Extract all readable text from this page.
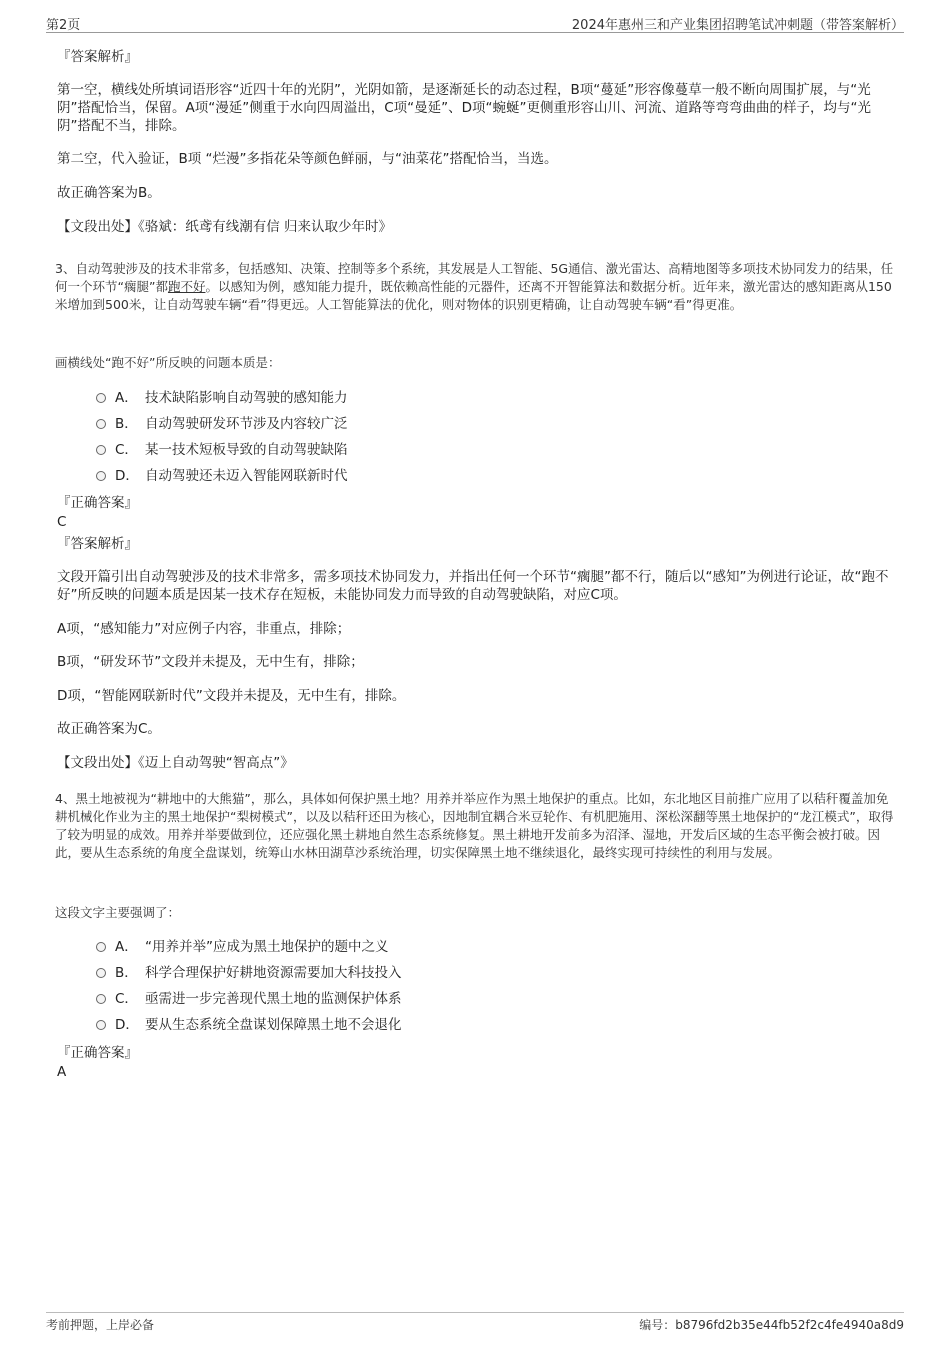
第2页	2024年惠州三和产业集团招聘笔试冲刺题（带答案解析）
『答案解析』

第一空，横线处所填词语形容“近四十年的光阴”，光阴如箭，是逐渐延长的动态过程，B项“蔓延”形容像蔓草一般不断向周围扩展，与“光阴”搭配恰当，保留。A项“漫延”侧重于水向四周溢出，C项“曼延”、D项“蜿蜒”更侧重形容山川、河流、道路等弯弯曲曲的样子，均与“光阴”搭配不当，排除。

第二空，代入验证，B项 “烂漫”多指花朵等颜色鲜丽，与“油菜花”搭配恰当，当选。

故正确答案为B。
【文段出处】《骆斌：纸鸢有线潮有信 归来认取少年时》

3、自动驾驶涉及的技术非常多，包括感知、决策、控制等多个系统，其发展是人工智能、5G通信、激光雷达、高精地图等多项技术协同发力的结果，任何一个环节“瘸腿”都跑不好。以感知为例，感知能力提升，既依赖高性能的元器件，还离不开智能算法和数据分析。近年来，激光雷达的感知距离从150米增加到500米，让自动驾驶车辆“看”得更远。人工智能算法的优化，则对物体的识别更精确，让自动驾驶车辆“看”得更准。

画横线处“跑不好”所反映的问题本质是：
A． 技术缺陷影响自动驾驶的感知能力
B． 自动驾驶研发环节涉及内容较广泛
C． 某一技术短板导致的自动驾驶缺陷
D． 自动驾驶还未迈入智能网联新时代
『正确答案』
C
『答案解析』

文段开篇引出自动驾驶涉及的技术非常多，需多项技术协同发力，并指出任何一个环节“瘸腿”都不行，随后以“感知”为例进行论证，故“跑不好”所反映的问题本质是因某一技术存在短板，未能协同发力而导致的自动驾驶缺陷，对应C项。

A项，“感知能力”对应例子内容，非重点，排除；
B项，“研发环节”文段并未提及，无中生有，排除；
D项，“智能网联新时代”文段并未提及，无中生有，排除。
故正确答案为C。
【文段出处】《迈上自动驾驶“智高点”》

4、黑土地被视为“耕地中的大熊猫”，那么，具体如何保护黑土地？用养并举应作为黑土地保护的重点。比如，东北地区目前推广应用了以秸秆覆盖加免耕机械化作业为主的黑土地保护“梨树模式”，以及以秸秆还田为核心，因地制宜耦合米豆轮作、有机肥施用、深松深翻等黑土地保护的“龙江模式”，取得了较为明显的成效。用养并举要做到位，还应强化黑土耕地自然生态系统修复。黑土耕地开发前多为沼泽、湿地，开发后区域的生态平衡会被打破。因此，要从生态系统的角度全盘谋划，统筹山水林田湖草沙系统治理，切实保障黑土地不继续退化，最终实现可持续性的利用与发展。

这段文字主要强调了：
A． “用养并举”应成为黑土地保护的题中之义
B． 科学合理保护好耕地资源需要加大科技投入
C． 亟需进一步完善现代黑土地的监测保护体系
D． 要从生态系统全盘谋划保障黑土地不会退化
『正确答案』
A
考前押题，上岸必备	编号：b8796fd2b35e44fb52f2c4fe4940a8d9
